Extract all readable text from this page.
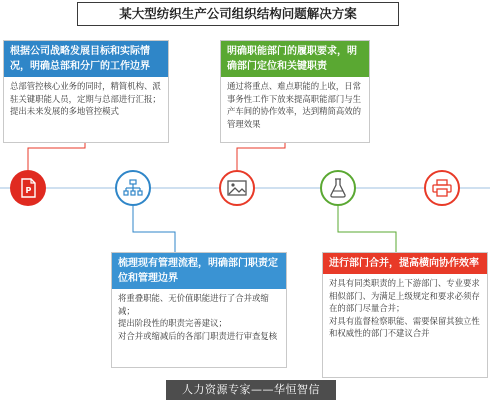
某大型纺织生产公司组织结构问题解决方案
根据公司战略发展目标和实际情况，明确总部和分厂的工作边界
总部管控核心业务的同时，精简机构、派驻关键职能人员，定期与总部进行汇报；
提出未来发展的多地管控模式
明确职能部门的履职要求，明确部门定位和关键职责
通过将重点、难点职能的上收，日常事务性工作下放来提高职能部门与生产车间的协作效率，达到精简高效的管理效果
梳理现有管理流程，明确部门职责定位和管理边界
将重叠职能、无价值职能进行了合并或缩减；
提出阶段性的职责完善建议；
对合并或缩减后的各部门职责进行审查复核
进行部门合并，提高横向协作效率
对具有同类职责的上下游部门、专业要求相似部门、为满足上级规定和要求必须存在的部门尽量合并；
对具有监督检察职能、需要保留其独立性和权威性的部门不建议合并
P
人力资源专家——华恒智信
